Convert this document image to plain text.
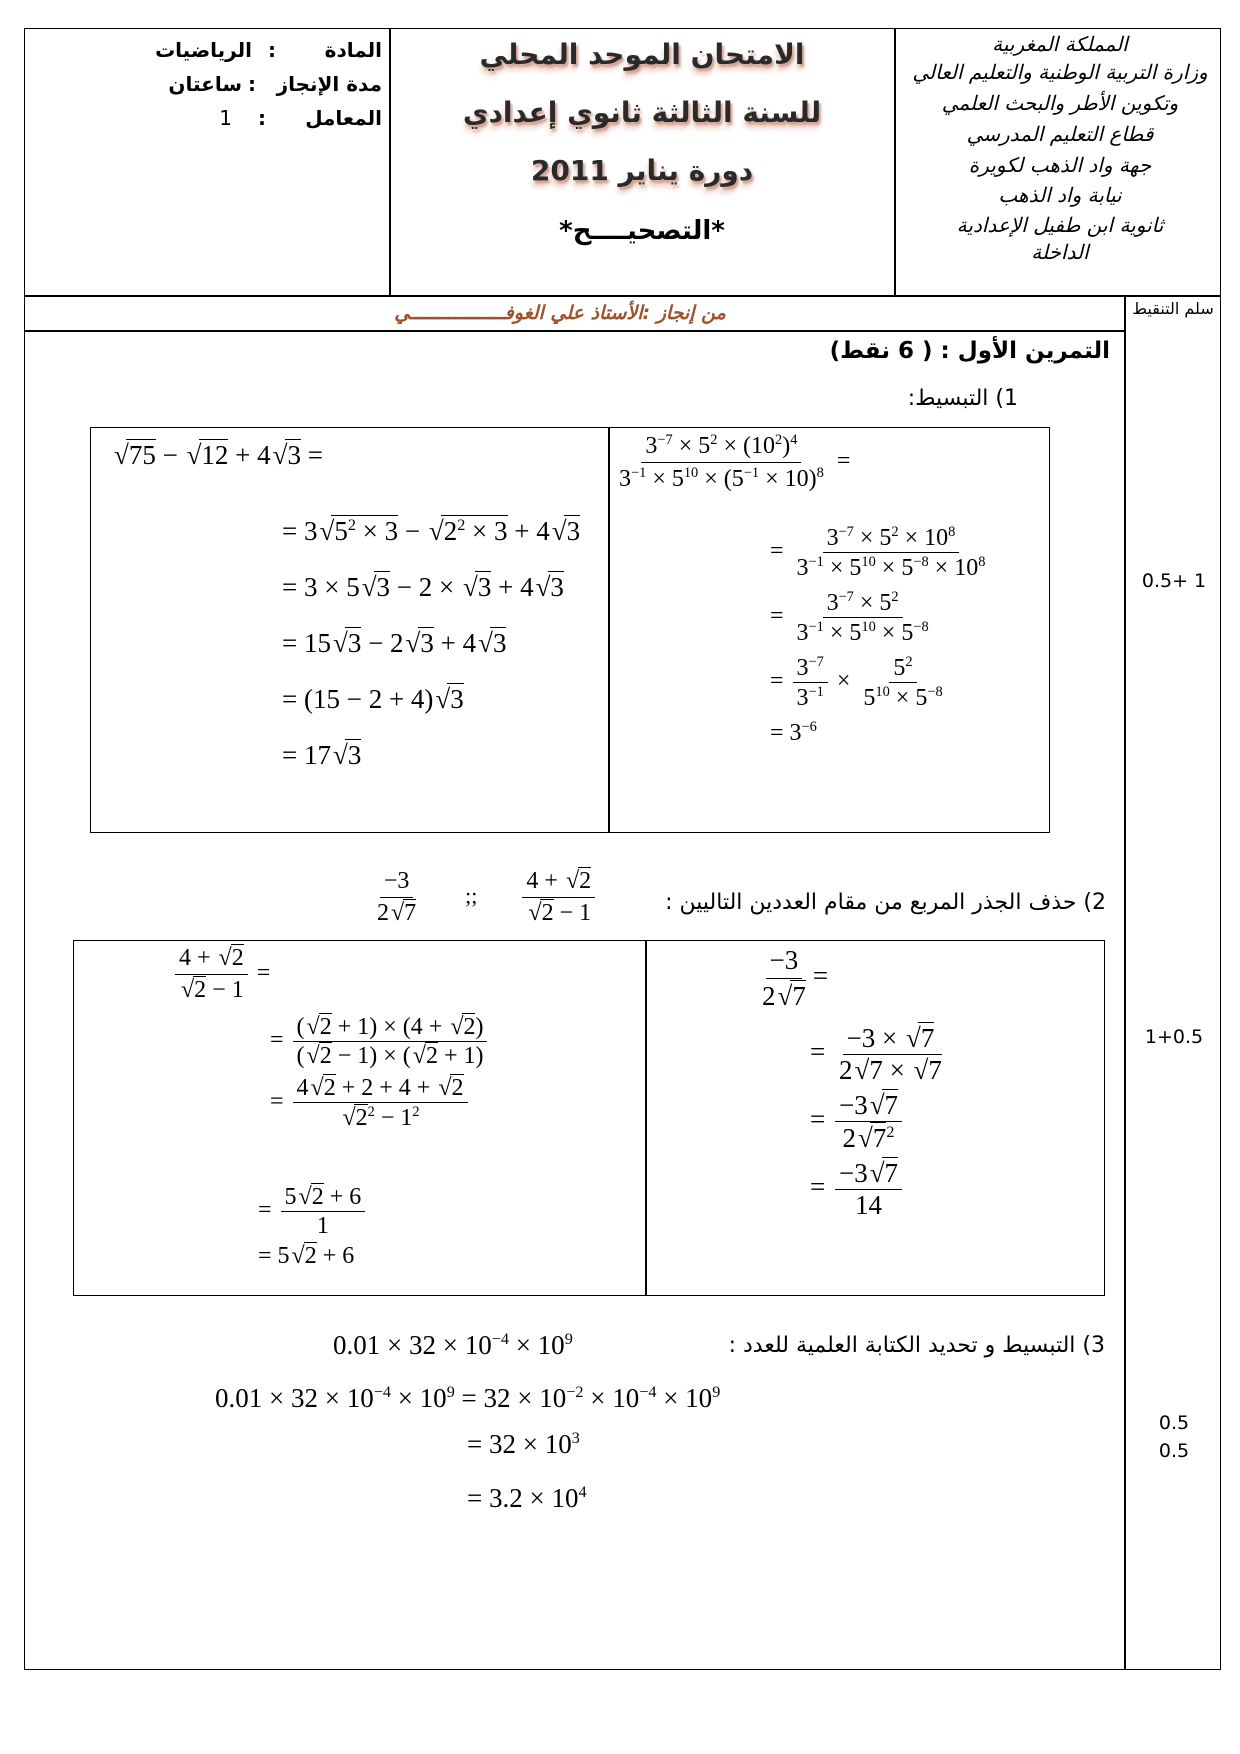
المادة
:
الرياضيات
مدة الإنجاز
:
ساعتان
المعامل
:
1
الامتحان الموحد المحلي
للسنة الثالثة ثانوي إعدادي
دورة يناير 2011
*التصحيــــح*
المملكة المغربية
وزارة التربية الوطنية والتعليم العالي
وتكوين الأطر والبحث العلمي
قطاع التعليم المدرسي
جهة واد الذهب لكويرة
نيابة واد الذهب
ثانوية ابن طفيل الإعدادية
الداخلة
سلم التنقيط
من إنجاز :الأستاذ علي الغوفـــــــــــــــــي
التمرين الأول : ( 6 نقط)
1) التبسيط:
√ 75 − √ 12 + 4√ 3 =
= 3√ $5^2 \times 3$ − √ $2^2 \times 3 + 4√$ 3
= 3 × 5√ 3 − 2 × √ 3 + 4√ 3
= 15√ 3 − 2√ 3 + 4√ 3
= (15 − 2 + 4)√ 3
= 17√ 3
$\frac{3^{-7} \times 5^2 \times (10^2)^4}{3^{-1} \times 5^{10} \times (5^{-1} \times 10)^8}$ =
= $\frac{3^{-7} \times 5^2 \times 10^8}{3^{-1} \times 5^{10} \times 5^{-8} \times 10^8}$
= $\frac{3^{-7} \times 5^2}{3^{-1} \times 5^{10} \times 5^{-8}}$
= $\frac{3^{-7}}{3^{-1}} \times \frac{5^2}{5^{10} \times 5^{-8}}$
= $3^{-6}$
2) حذف الجذر المربع من مقام العددين التاليين :
$\frac{-3}{2√ 7}$ ;; 4 + √ 2
√ 2 − 1
4 + √ 2
√ 2 − 1 =
= $\frac{(√ 2 + 1) \times (4 + √ 2)}{(√ 2 - 1) \times (√ 2 + 1)}$
= 4√ 2 + 2 + 4 + √ 2
√ $2^2 - 1^2$
= $\frac{5√ 2 + 6}{1}$
= 5√ 2 + 6
$\frac{-3}{2√ 7}$ =
= $\frac{-3 \times √ 7}{2√ 7 \times √ 7}$
= $\frac{-3√ 7}{2√ 7^2}$
= $\frac{-3√ 7}{14}$
3) التبسيط و تحديد الكتابة العلمية للعدد :
$0.01 \times 32 \times 10^{-4} \times 10^9$
$0.01 \times 32 \times 10^{-4} \times 10^9 = 32 \times 10^{-2} \times 10^{-4} \times 10^9$
= $32 \times 10^3$
= $3.2 \times 10^4$
0.5+ 1
1+0.5
0.5
0.5
